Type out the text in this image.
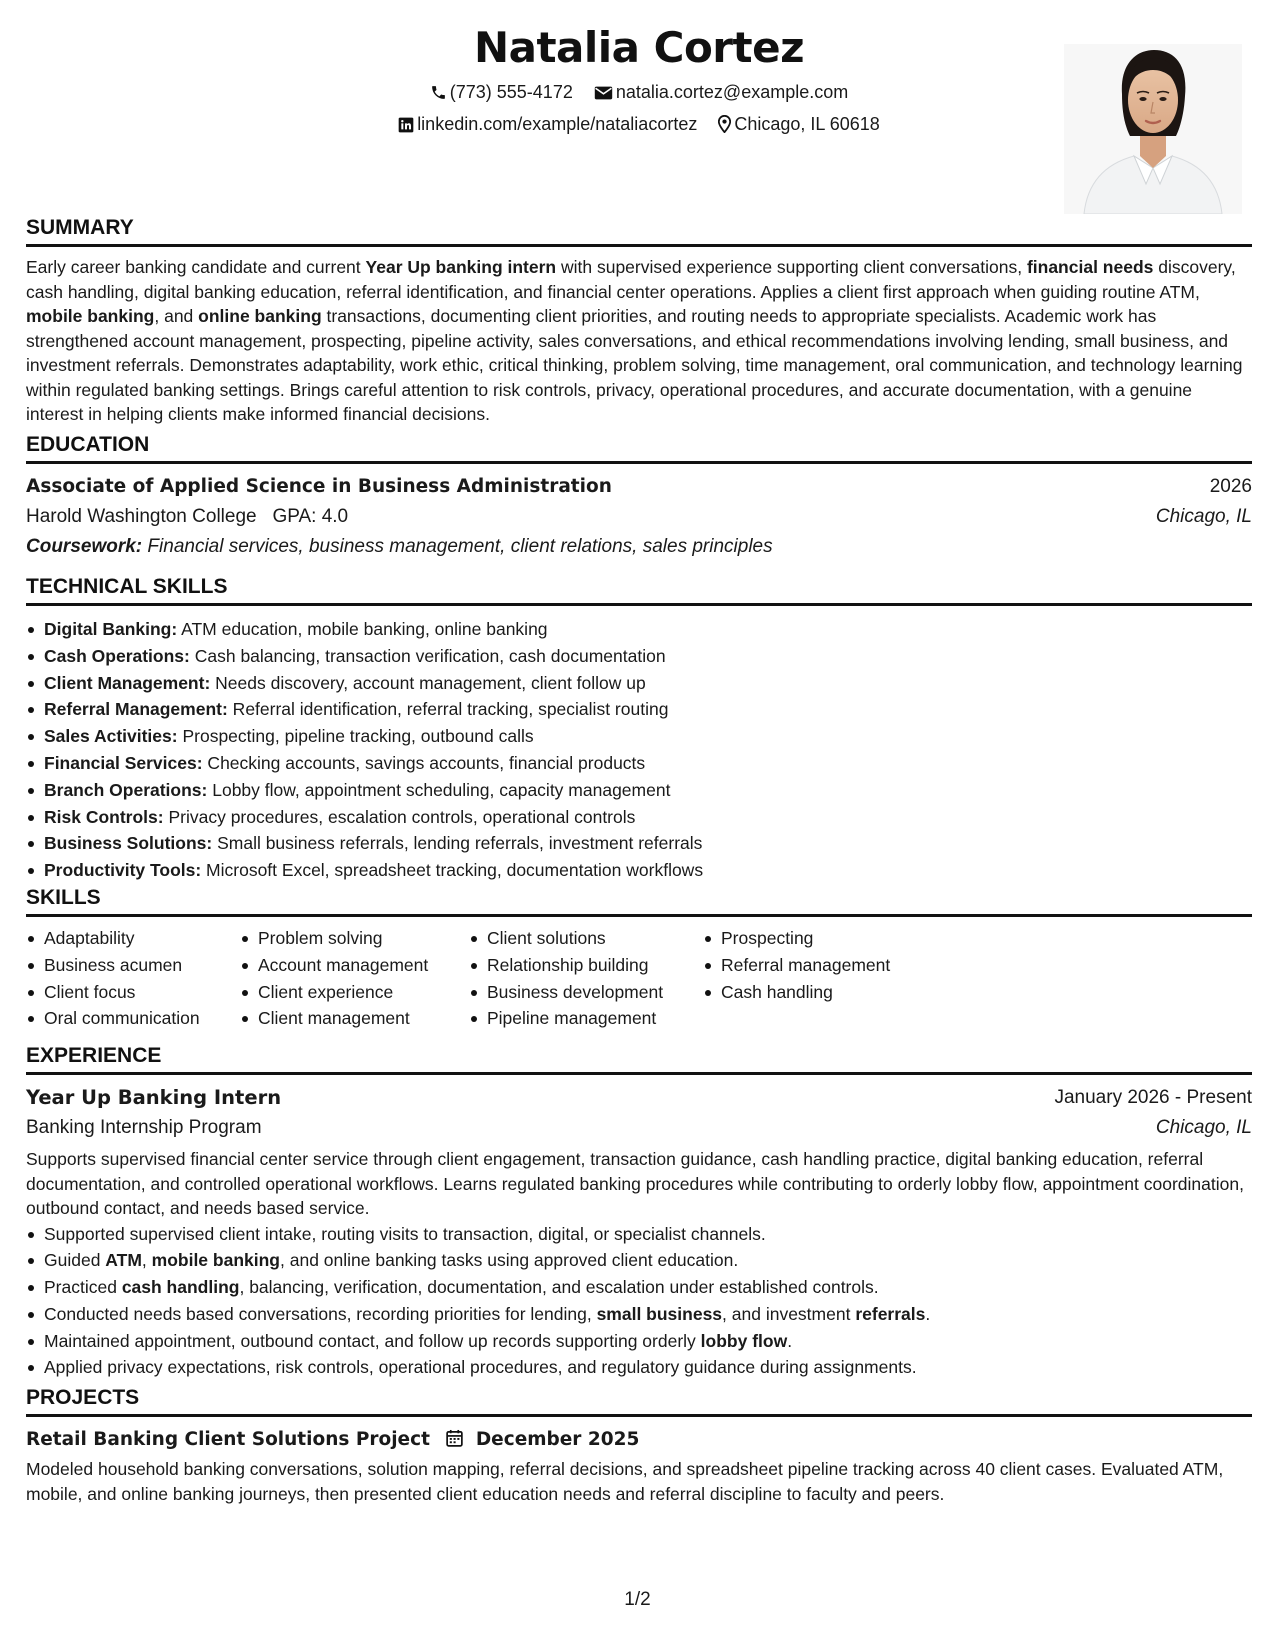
Natalia Cortez
(773) 555-4172 natalia.cortez@example.com
linkedin.com/example/nataliacortez Chicago, IL 60618
SUMMARY

Early career banking candidate and current Year Up banking intern with supervised experience supporting client conversations, financial needs discovery, cash handling, digital banking education, referral identification, and financial center operations. Applies a client first approach when guiding routine ATM, mobile banking, and online banking transactions, documenting client priorities, and routing needs to appropriate specialists. Academic work has strengthened account management, prospecting, pipeline activity, sales conversations, and ethical recommendations involving lending, small business, and investment referrals. Demonstrates adaptability, work ethic, critical thinking, problem solving, time management, oral communication, and technology learning within regulated banking settings. Brings careful attention to risk controls, privacy, operational procedures, and accurate documentation, with a genuine interest in helping clients make informed financial decisions.

EDUCATION
Associate of Applied Science in Business Administration	2026
Harold Washington College GPA: 4.0	Chicago, IL
Coursework: Financial services, business management, client relations, sales principles
TECHNICAL SKILLS
Digital Banking: ATM education, mobile banking, online banking
Cash Operations: Cash balancing, transaction verification, cash documentation
Client Management: Needs discovery, account management, client follow up
Referral Management: Referral identification, referral tracking, specialist routing
Sales Activities: Prospecting, pipeline tracking, outbound calls
Financial Services: Checking accounts, savings accounts, financial products
Branch Operations: Lobby flow, appointment scheduling, capacity management
Risk Controls: Privacy procedures, escalation controls, operational controls
Business Solutions: Small business referrals, lending referrals, investment referrals
Productivity Tools: Microsoft Excel, spreadsheet tracking, documentation workflows
SKILLS
Adaptability
Business acumen
Client focus
Oral communication
Problem solving
Account management
Client experience
Client management
Client solutions
Relationship building
Business development
Pipeline management
Prospecting
Referral management
Cash handling
EXPERIENCE
Year Up Banking Intern	January 2026 - Present
Banking Internship Program	Chicago, IL

Supports supervised financial center service through client engagement, transaction guidance, cash handling practice, digital banking education, referral documentation, and controlled operational workflows. Learns regulated banking procedures while contributing to orderly lobby flow, appointment coordination, outbound contact, and needs based service.

Supported supervised client intake, routing visits to transaction, digital, or specialist channels.
Guided ATM, mobile banking, and online banking tasks using approved client education.
Practiced cash handling, balancing, verification, documentation, and escalation under established controls.
Conducted needs based conversations, recording priorities for lending, small business, and investment referrals.
Maintained appointment, outbound contact, and follow up records supporting orderly lobby flow.
Applied privacy expectations, risk controls, operational procedures, and regulatory guidance during assignments.
PROJECTS
Retail Banking Client Solutions Project December 2025

Modeled household banking conversations, solution mapping, referral decisions, and spreadsheet pipeline tracking across 40 client cases. Evaluated ATM, mobile, and online banking journeys, then presented client education needs and referral discipline to faculty and peers.

1/2
